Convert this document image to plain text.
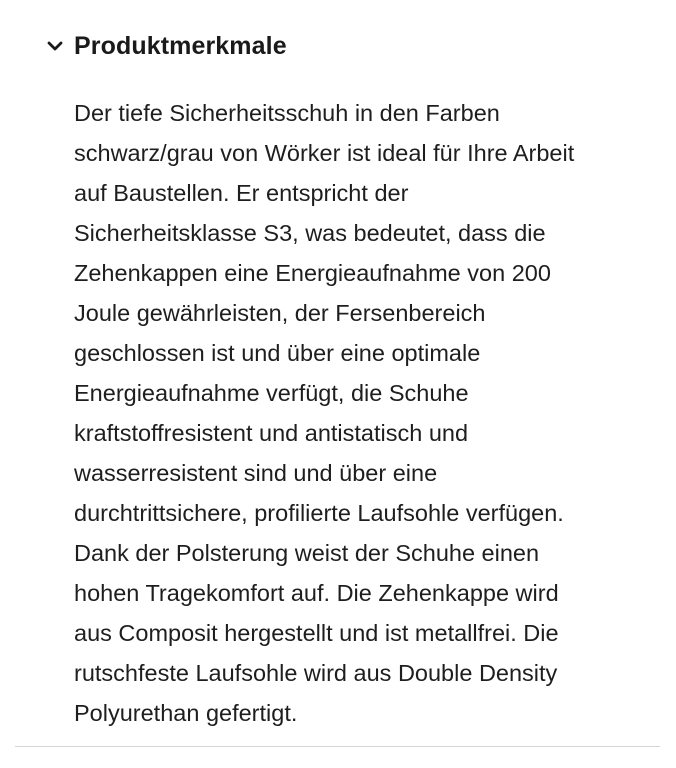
Produktmerkmale
Der tiefe Sicherheitsschuh in den Farben
schwarz/grau von Wörker ist ideal für Ihre Arbeit
auf Baustellen. Er entspricht der
Sicherheitsklasse S3, was bedeutet, dass die
Zehenkappen eine Energieaufnahme von 200
Joule gewährleisten, der Fersenbereich
geschlossen ist und über eine optimale
Energieaufnahme verfügt, die Schuhe
kraftstoffresistent und antistatisch und
wasserresistent sind und über eine
durchtrittsichere, profilierte Laufsohle verfügen.
Dank der Polsterung weist der Schuhe einen
hohen Tragekomfort auf. Die Zehenkappe wird
aus Composit hergestellt und ist metallfrei. Die
rutschfeste Laufsohle wird aus Double Density
Polyurethan gefertigt.
